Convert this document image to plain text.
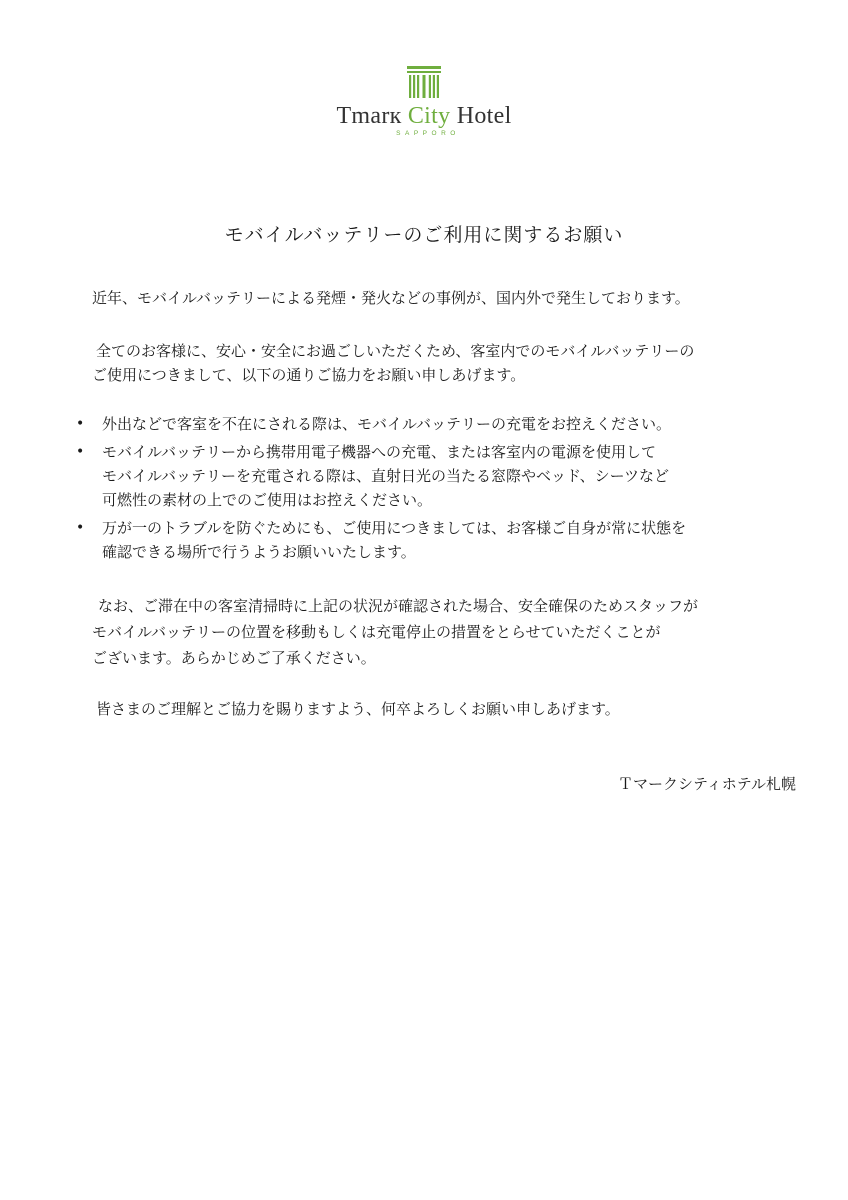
Tmarк City Hotel
SAPPORO
モバイルバッテリーのご利用に関するお願い
近年、モバイルバッテリーによる発煙・発火などの事例が、国内外で発生しております。
全てのお客様に、安心・安全にお過ごしいただくため、客室内でのモバイルバッテリーの
ご使用につきまして、以下の通りご協力をお願い申しあげます。
• 外出などで客室を不在にされる際は、モバイルバッテリーの充電をお控えください。
• モバイルバッテリーから携帯用電子機器への充電、または客室内の電源を使用して
モバイルバッテリーを充電される際は、直射日光の当たる窓際やベッド、シーツなど
可燃性の素材の上でのご使用はお控えください。
• 万が一のトラブルを防ぐためにも、ご使用につきましては、お客様ご自身が常に状態を
確認できる場所で行うようお願いいたします。
なお、ご滞在中の客室清掃時に上記の状況が確認された場合、安全確保のためスタッフが
モバイルバッテリーの位置を移動もしくは充電停止の措置をとらせていただくことが
ございます。あらかじめご了承ください。
皆さまのご理解とご協力を賜りますよう、何卒よろしくお願い申しあげます。
Ｔマークシティホテル札幌
